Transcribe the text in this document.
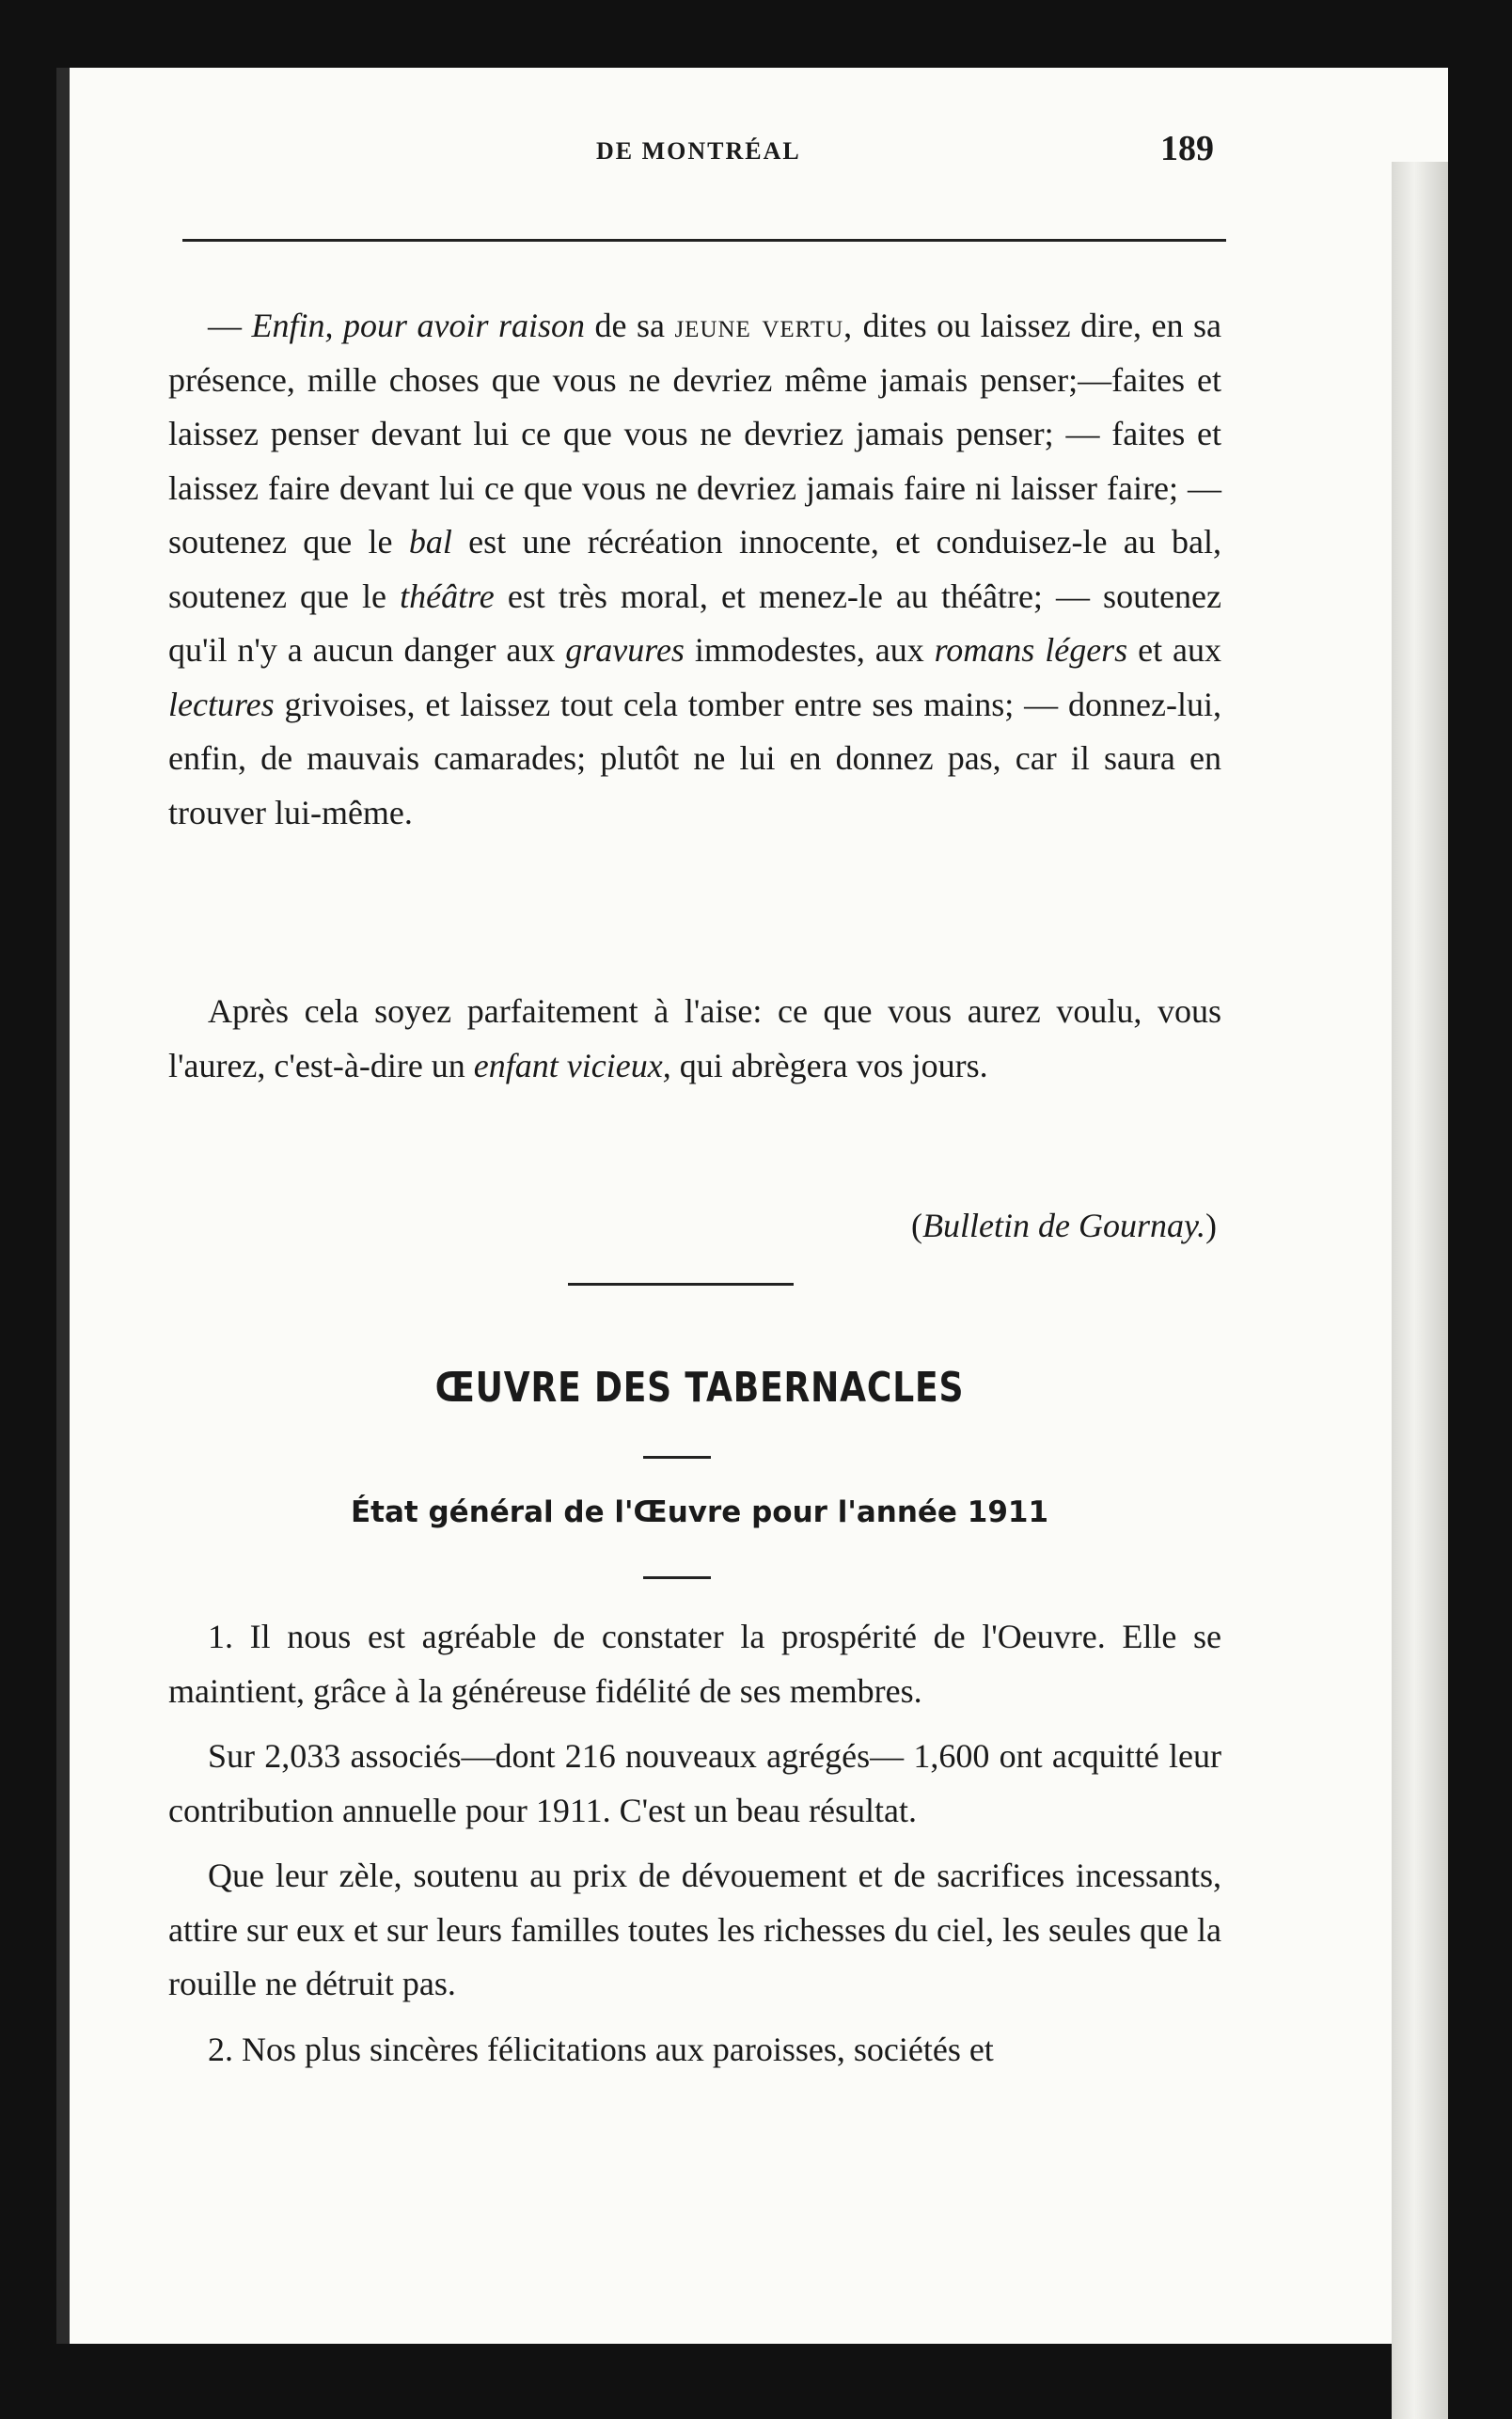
DE MONTRÉAL	189

— Enfin, pour avoir raison de sa jeune vertu, dites ou laissez dire, en sa présence, mille choses que vous ne devriez même jamais penser;—faites et laissez penser devant lui ce que vous ne devriez jamais penser; — faites et laissez faire devant lui ce que vous ne devriez jamais faire ni laisser faire; —soutenez que le bal est une récréation innocente, et conduisez-le au bal, soutenez que le théâtre est très moral, et menez-le au théâtre; — soutenez qu'il n'y a aucun danger aux gravures immodestes, aux romans légers et aux lectures grivoises, et laissez tout cela tomber entre ses mains; — donnez-lui, enfin, de mauvais camarades; plutôt ne lui en donnez pas, car il saura en trouver lui-même.

Après cela soyez parfaitement à l'aise: ce que vous aurez voulu, vous l'aurez, c'est-à-dire un enfant vicieux, qui abrègera vos jours.

(Bulletin de Gournay.)
ŒUVRE DES TABERNACLES
État général de l'Œuvre pour l'année 1911

1. Il nous est agréable de constater la prospérité de l'Oeuvre. Elle se maintient, grâce à la généreuse fidélité de ses membres.

Sur 2,033 associés—dont 216 nouveaux agrégés— 1,600 ont acquitté leur contribution annuelle pour 1911. C'est un beau résultat.

Que leur zèle, soutenu au prix de dévouement et de sacrifices incessants, attire sur eux et sur leurs familles toutes les richesses du ciel, les seules que la rouille ne détruit pas.

2. Nos plus sincères félicitations aux paroisses, sociétés et
